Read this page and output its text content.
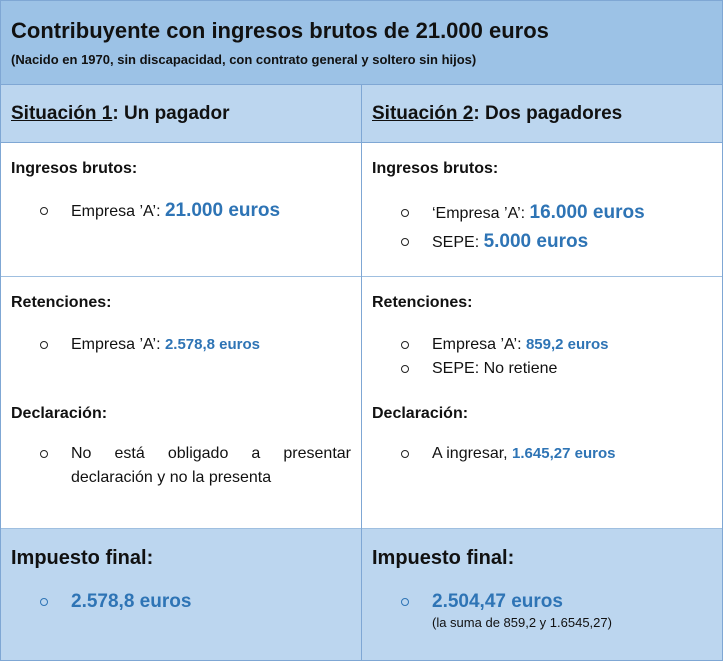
Contribuyente con ingresos brutos de 21.000 euros
(Nacido en 1970, sin discapacidad, con contrato general y soltero sin hijos)
Situación 1: Un pagador
Ingresos brutos:
Empresa ’A’: 21.000 euros
Retenciones:
Empresa ’A’: 2.578,8 euros
Declaración:
No está obligado a presentar declaración y no la presenta
Impuesto final:
2.578,8 euros
Situación 2: Dos pagadores
Ingresos brutos:
‘Empresa ’A’: 16.000 euros
SEPE: 5.000 euros
Retenciones:
Empresa ’A’: 859,2 euros
SEPE: No retiene
Declaración:
A ingresar, 1.645,27 euros
Impuesto final:
2.504,47 euros
(la suma de 859,2 y 1.6545,27)
